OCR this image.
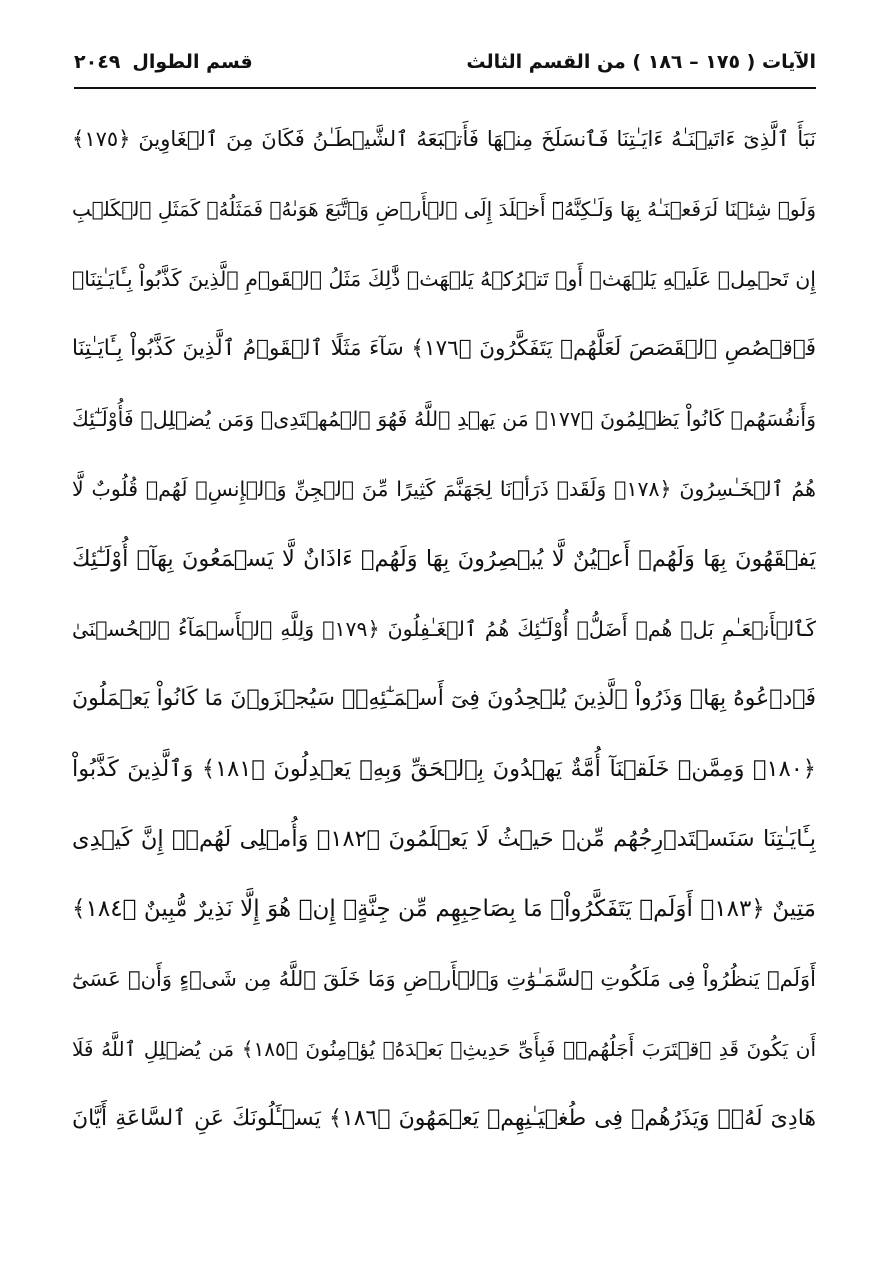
الآيات ( ١٧٥ – ١٨٦ ) من القسم الثالث
قسم الطوال
٢٠٤٩
نَبَأَ ٱلَّذِىٓ ءَاتَيۡنَـٰهُ ءَايَـٰتِنَا فَٱنسَلَخَ مِنۡهَا فَأَتۡبَعَهُ ٱلشَّيۡطَـٰنُ فَكَانَ مِنَ ٱلۡغَاوِينَ ﴿١٧٥﴾
وَلَوۡ شِئۡنَا لَرَفَعۡنَـٰهُ بِهَا وَلَـٰكِنَّهُۥٓ أَخۡلَدَ إِلَى ٱلۡأَرۡضِ وَٱتَّبَعَ هَوَىٰهُۚ فَمَثَلُهُۥ كَمَثَلِ ٱلۡكَلۡبِ
إِن تَحۡمِلۡ عَلَيۡهِ يَلۡهَثۡ أَوۡ تَتۡرُكۡهُ يَلۡهَثۚ ذَّٰلِكَ مَثَلُ ٱلۡقَوۡمِ ٱلَّذِينَ كَذَّبُواْ بِـَٔايَـٰتِنَاۚ
فَٱقۡصُصِ ٱلۡقَصَصَ لَعَلَّهُمۡ يَتَفَكَّرُونَ ﴿١٧٦﴾ سَآءَ مَثَلًا ٱلۡقَوۡمُ ٱلَّذِينَ كَذَّبُواْ بِـَٔايَـٰتِنَا
وَأَنفُسَهُمۡ كَانُواْ يَظۡلِمُونَ ﴿١٧٧﴾ مَن يَهۡدِ ٱللَّهُ فَهُوَ ٱلۡمُهۡتَدِىۖ وَمَن يُضۡلِلۡ فَأُوْلَـٰٓئِكَ
هُمُ ٱلۡخَـٰسِرُونَ ﴿١٧٨﴾ وَلَقَدۡ ذَرَأۡنَا لِجَهَنَّمَ كَثِيرًا مِّنَ ٱلۡجِنِّ وَٱلۡإِنسِۖ لَهُمۡ قُلُوبٌ لَّا
يَفۡقَهُونَ بِهَا وَلَهُمۡ أَعۡيُنٌ لَّا يُبۡصِرُونَ بِهَا وَلَهُمۡ ءَاذَانٌ لَّا يَسۡمَعُونَ بِهَآۚ أُوْلَـٰٓئِكَ
كَٱلۡأَنۡعَـٰمِ بَلۡ هُمۡ أَضَلُّۚ أُوْلَـٰٓئِكَ هُمُ ٱلۡغَـٰفِلُونَ ﴿١٧٩﴾ وَلِلَّهِ ٱلۡأَسۡمَآءُ ٱلۡحُسۡنَىٰ
فَٱدۡعُوهُ بِهَاۖ وَذَرُواْ ٱلَّذِينَ يُلۡحِدُونَ فِىٓ أَسۡمَـٰٓئِهِۦۚ سَيُجۡزَوۡنَ مَا كَانُواْ يَعۡمَلُونَ
﴿١٨٠﴾ وَمِمَّنۡ خَلَقۡنَآ أُمَّةٌ يَهۡدُونَ بِٱلۡحَقِّ وَبِهِۦ يَعۡدِلُونَ ﴿١٨١﴾ وَٱلَّذِينَ كَذَّبُواْ
بِـَٔايَـٰتِنَا سَنَسۡتَدۡرِجُهُم مِّنۡ حَيۡثُ لَا يَعۡلَمُونَ ﴿١٨٢﴾ وَأُمۡلِى لَهُمۡۚ إِنَّ كَيۡدِى
مَتِينٌ ﴿١٨٣﴾ أَوَلَمۡ يَتَفَكَّرُواْۗ مَا بِصَاحِبِهِم مِّن جِنَّةٍۚ إِنۡ هُوَ إِلَّا نَذِيرٌ مُّبِينٌ ﴿١٨٤﴾
أَوَلَمۡ يَنظُرُواْ فِى مَلَكُوتِ ٱلسَّمَـٰوَٰتِ وَٱلۡأَرۡضِ وَمَا خَلَقَ ٱللَّهُ مِن شَىۡءٍ وَأَنۡ عَسَىٰٓ
أَن يَكُونَ قَدِ ٱقۡتَرَبَ أَجَلُهُمۡۖ فَبِأَىِّ حَدِيثِۭ بَعۡدَهُۥ يُؤۡمِنُونَ ﴿١٨٥﴾ مَن يُضۡلِلِ ٱللَّهُ فَلَا
هَادِىَ لَهُۥۚ وَيَذَرُهُمۡ فِى طُغۡيَـٰنِهِمۡ يَعۡمَهُونَ ﴿١٨٦﴾ يَسۡـَٔلُونَكَ عَنِ ٱلسَّاعَةِ أَيَّانَ
